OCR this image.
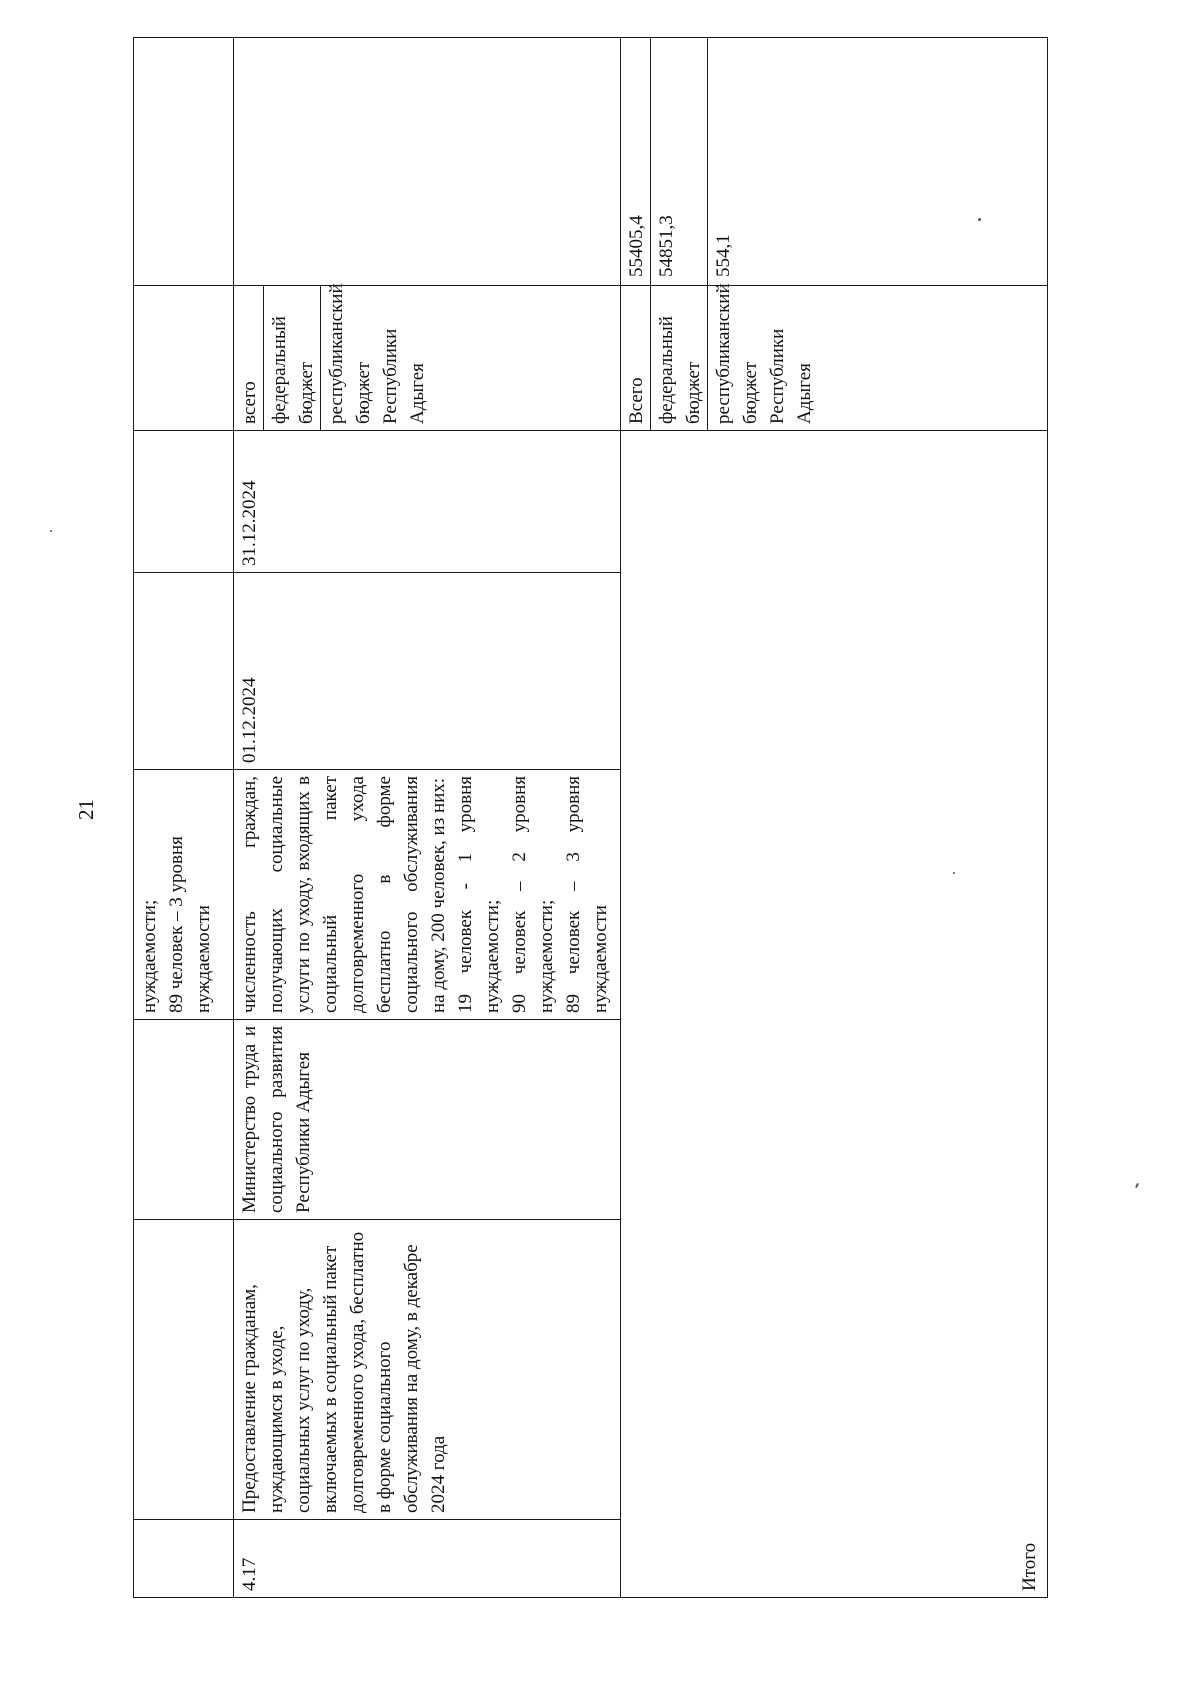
21
			нуждаемости;
89 человек – 3 уровня
нуждаемости				
4.17	Предоставление гражданам, нуждающимся в уходе, социальных услуг по уходу, включаемых в социальный пакет долговременного ухода, бесплатно в форме социального обслуживания на дому, в декабре 2024 года	Министерство труда и социального развития Республики Адыгея	численность граждан, получающих социальные услуги по уходу, входящих в социальный пакет долговременного ухода бесплатно в форме социального обслуживания на дому, 200 человек, из них:
19 человек - 1 уровня нуждаемости;
90 человек – 2 уровня нуждаемости;
89 человек – 3 уровня нуждаемости	01.12.2024	31.12.2024	всего	
						федеральный бюджет	
						республиканский бюджет Республики Адыгея	
Итого						Всего	55405,4
						федеральный бюджет	54851,3
						республиканский бюджет Республики Адыгея	554,1
